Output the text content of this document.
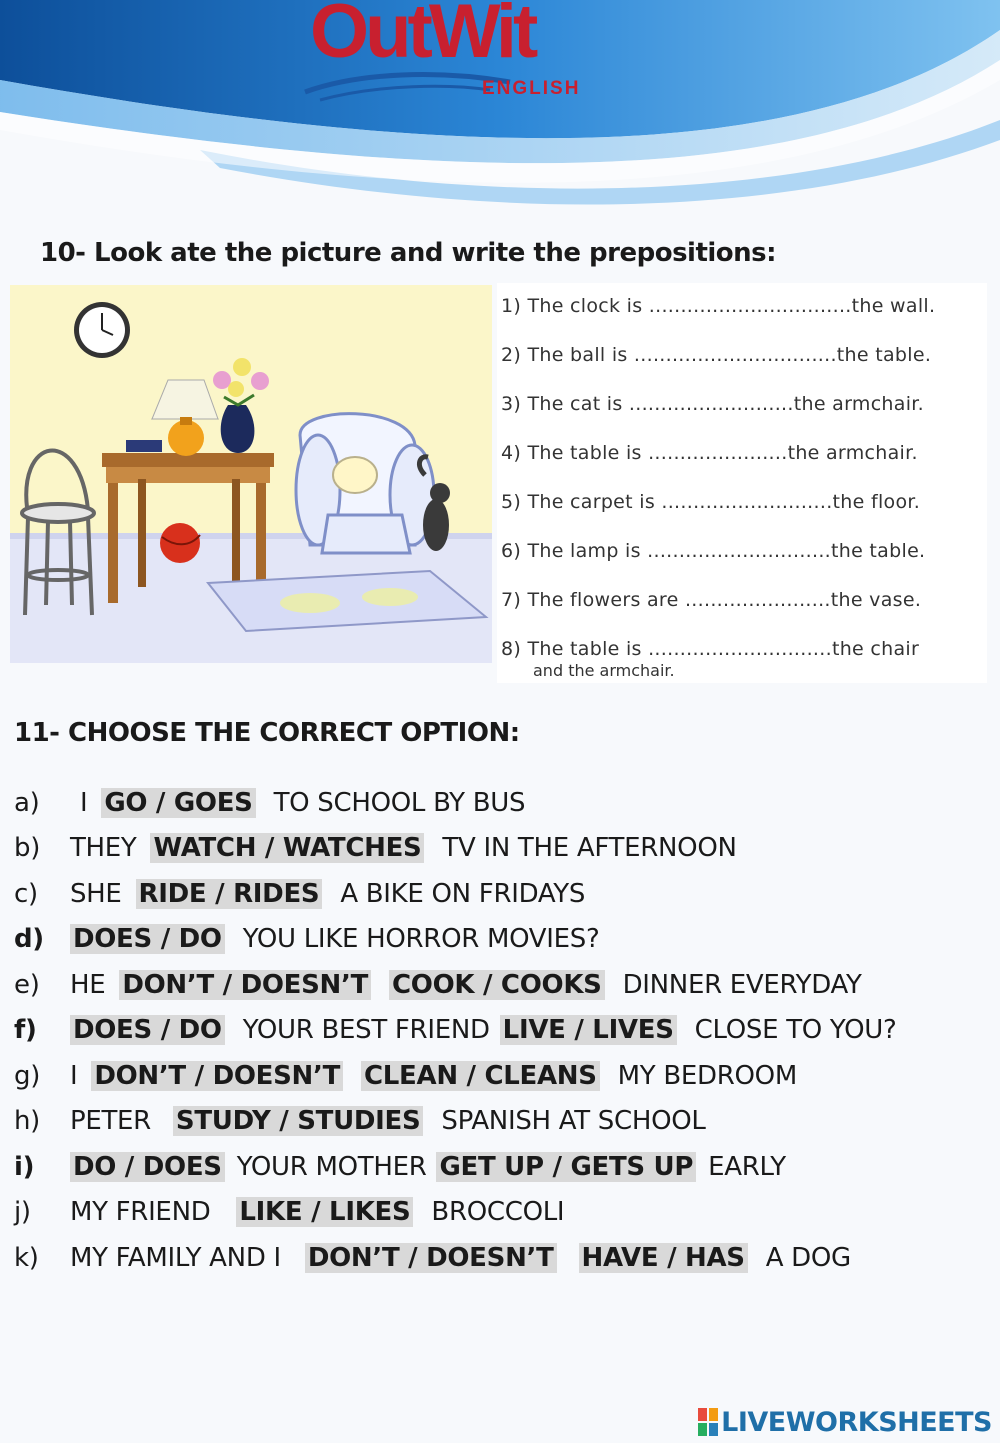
OutWit
ENGLISH
10- Look ate the picture and write the prepositions:
1) The clock is ................................the wall.
2) The ball is ................................the table.
3) The cat is ..........................the armchair.
4) The table is ......................the armchair.
5) The carpet is ...........................the floor.
6) The lamp is .............................the table.
7) The flowers are .......................the vase.
8) The table is .............................the chair
and the armchair.
11- CHOOSE THE CORRECT OPTION:
a) I GO / GOES TO SCHOOL BY BUS
b) THEY WATCH / WATCHES TV IN THE AFTERNOON
c) SHE RIDE / RIDES A BIKE ON FRIDAYS
d) DOES / DO YOU LIKE HORROR MOVIES?
e) HE DON’T / DOESN’T COOK / COOKS DINNER EVERYDAY
f) DOES / DO YOUR BEST FRIEND LIVE / LIVES CLOSE TO YOU?
g) I DON’T / DOESN’T CLEAN / CLEANS MY BEDROOM
h) PETER STUDY / STUDIES SPANISH AT SCHOOL
i) DO / DOES YOUR MOTHER GET UP / GETS UP EARLY
j) MY FRIEND LIKE / LIKES BROCCOLI
k) MY FAMILY AND I DON’T / DOESN’T HAVE / HAS A DOG
LIVEWORKSHEETS
